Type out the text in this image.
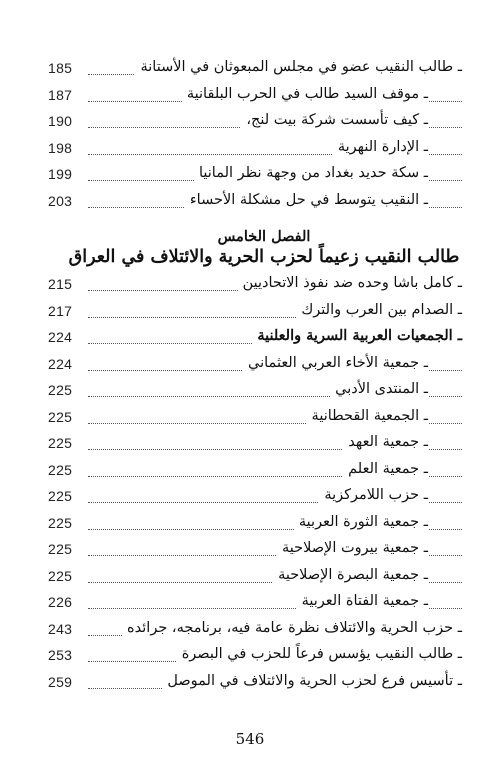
185	ـ طالب النقيب عضو في مجلس المبعوثان في الأستانة
187	ـ موقف السيد طالب في الحرب البلقانية
190	ـ كيف تأسست شركة بيت لنج،
198	ـ الإدارة النهرية
199	ـ سكة حديد بغداد من وجهة نظر المانيا
203	ـ النقيب يتوسط في حل مشكلة الأحساء
الفصل الخامس
طالب النقيب زعيماً لحزب الحرية والائتلاف في العراق
215	ـ كامل باشا وحده ضد نفوذ الاتحاديين
217	ـ الصدام بين العرب والترك
224	ـ الجمعيات العربية السرية والعلنية
224	ـ جمعية الأخاء العربي العثماني
225	ـ المنتدى الأدبي
225	ـ الجمعية القحطانية
225	ـ جمعية العهد
225	ـ جمعية العلم
225	ـ حزب اللامركزية
225	ـ جمعية الثورة العربية
225	ـ جمعية بيروت الإصلاحية
225	ـ جمعية البصرة الإصلاحية
226	ـ جمعية الفتاة العربية
243	ـ حزب الحرية والائتلاف نظرة عامة فيه، برنامجه، جرائده
253	ـ طالب النقيب يؤسس فرعاً للحزب في البصرة
259	ـ تأسيس فرع لحزب الحرية والائتلاف في الموصل
546
